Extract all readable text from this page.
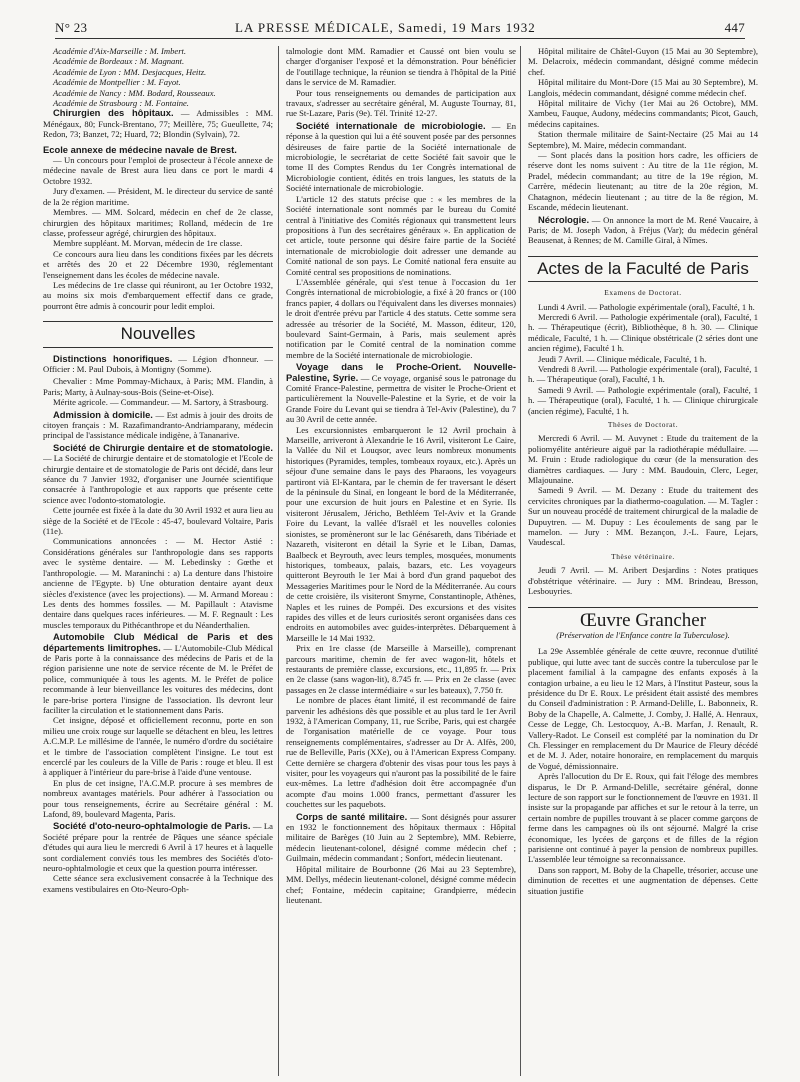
N° 23	LA PRESSE MÉDICALE, Samedi, 19 Mars 1932	447

Académie d'Aix-Marseille : M. Imbert.

Académie de Bordeaux : M. Magnant.

Académie de Lyon : MM. Desjacques, Heitz.

Académie de Montpellier : M. Fayot.

Académie de Nancy : MM. Bodard, Rousseaux.

Académie de Strasbourg : M. Fontaine.

Chirurgien des hôpitaux. — Admissibles : MM. Ménégaux, 80; Funck-Brentano, 77; Meillère, 75; Gueullette, 74; Redon, 73; Banzet, 72; Huard, 72; Blondin (Sylvain), 72.

Ecole annexe de médecine navale de Brest.

— Un concours pour l'emploi de prosecteur à l'école annexe de médecine navale de Brest aura lieu dans ce port le mardi 4 Octobre 1932.

Jury d'examen. — Président, M. le directeur du service de santé de la 2e région maritime.

Membres. — MM. Solcard, médecin en chef de 2e classe, chirurgien des hôpitaux maritimes; Rolland, médecin de 1re classe, professeur agrégé, chirurgien des hôpitaux.

Membre suppléant. M. Morvan, médecin de 1re classe.

Ce concours aura lieu dans les conditions fixées par les décrets et arrêtés des 20 et 22 Décembre 1930, réglementant l'enseignement dans les écoles de médecine navale.

Les médecins de 1re classe qui réuniront, au 1er Octobre 1932, au moins six mois d'embarquement effectif dans ce grade, pourront être admis à concourir pour ledit emploi.

Nouvelles

Distinctions honorifiques. — Légion d'honneur. — Officier : M. Paul Dubois, à Montigny (Somme).

Chevalier : Mme Pommay-Michaux, à Paris; MM. Flandin, à Paris; Marty, à Aulnay-sous-Bois (Seine-et-Oise).

Mérite agricole. — Commandeur. — M. Sartory, à Strasbourg.

Admission à domicile. — Est admis à jouir des droits de citoyen français : M. Razafimandranto-Andriamparany, médecin principal de l'assistance médicale indigène, à Tananarive.

Société de Chirurgie dentaire et de stomatologie. — La Société de chirurgie dentaire et de stomatologie et l'Ecole de chirurgie dentaire et de stomatologie de Paris ont décidé, dans leur séance du 7 Janvier 1932, d'organiser une Journée scientifique consacrée à l'anthropologie et aux rapports que présente cette science avec l'odonto-stomatologie.

Cette journée est fixée à la date du 30 Avril 1932 et aura lieu au siège de la Société et de l'Ecole : 45-47, boulevard Voltaire, Paris (11e).

Communications annoncées : — M. Hector Astié : Considérations générales sur l'anthropologie dans ses rapports avec le système dentaire. — M. Lebedinsky : Gœthe et l'anthropologie. — M. Maraninchi : a) La denture dans l'histoire ancienne de l'Egypte. b) Une obturation dentaire ayant deux siècles d'existence (avec les projections). — M. Armand Moreau : Les dents des hommes fossiles. — M. Papillault : Atavisme dentaire dans quelques races inférieures. — M. F. Regnault : Les muscles temporaux du Pithécanthrope et du Néanderthalien.

Automobile Club Médical de Paris et des départements limitrophes. — L'Automobile-Club Médical de Paris porte à la connaissance des médecins de Paris et de la région parisienne une note de service récente de M. le Préfet de police, communiquée à tous les agents. M. le Préfet de police recommande à leur bienveillance les voitures des médecins, dont le pare-brise portera l'insigne de l'association. Ils devront leur faciliter la circulation et le stationnement dans Paris.

Cet insigne, déposé et officiellement reconnu, porte en son milieu une croix rouge sur laquelle se détachent en bleu, les lettres A.C.M.P. Le millésime de l'année, le numéro d'ordre du sociétaire et le timbre de l'association complètent l'insigne. Le tout est encerclé par les couleurs de la Ville de Paris : rouge et bleu. Il est à appliquer à l'intérieur du pare-brise à l'aide d'une ventouse.

En plus de cet insigne, l'A.C.M.P. procure à ses membres de nombreux avantages matériels. Pour adhérer à l'association ou pour tous renseignements, écrire au Secrétaire général : M. Lafond, 89, boulevard Magenta, Paris.

Société d'oto-neuro-ophtalmologie de Paris. — La Société prépare pour la rentrée de Pâques une séance spéciale d'études qui aura lieu le mercredi 6 Avril à 17 heures et à laquelle sont cordialement conviés tous les membres des Sociétés d'oto-neuro-ophtalmologie et ceux que la question pourra intéresser.

Cette séance sera exclusivement consacrée à la Technique des examens vestibulaires en Oto-Neuro-Oph-

talmologie dont MM. Ramadier et Caussé ont bien voulu se charger d'organiser l'exposé et la démonstration. Pour bénéficier de l'outillage technique, la réunion se tiendra à l'hôpital de la Pitié dans le service de M. Ramadier.

Pour tous renseignements ou demandes de participation aux travaux, s'adresser au secrétaire général, M. Auguste Tournay, 81, rue St-Lazare, Paris (9e). Tél. Trinité 12-27.

Société internationale de microbiologie. — En réponse à la question qui lui a été souvent posée par des personnes désireuses de faire partie de la Société internationale de microbiologie, le secrétariat de cette Société fait savoir que le tome II des Comptes Rendus du 1er Congrès international de Microbiologie contient, édités en trois langues, les statuts de la Société internationale de microbiologie.

L'article 12 des statuts précise que : « les membres de la Société internationale sont nommés par le bureau du Comité central à l'initiative des Comités régionaux qui transmettent leurs propositions à l'un des secrétaires généraux ». En application de cet article, toute personne qui désire faire partie de la Société internationale de microbiologie doit adresser une demande au Comité national de son pays. Le Comité national fera ensuite au Comité central ses propositions de nominations.

L'Assemblée générale, qui s'est tenue à l'occasion du 1er Congrès international de microbiologie, a fixé à 20 francs or (100 francs papier, 4 dollars ou l'équivalent dans les diverses monnaies) le droit d'entrée prévu par l'article 4 des statuts. Cette somme sera adressée au trésorier de la Société, M. Masson, éditeur, 120, boulevard Saint-Germain, à Paris, mais seulement après notification par le Comité central de la nomination comme membre de la Société internationale de microbiologie.

Voyage dans le Proche-Orient. Nouvelle-Palestine, Syrie. — Ce voyage, organisé sous le patronage du Comité France-Palestine, permettra de visiter le Proche-Orient et particulièrement la Nouvelle-Palestine et la Syrie, et de voir la Grande Foire du Levant qui se tiendra à Tel-Aviv (Palestine), du 7 au 30 Avril de cette année.

Les excursionnistes embarqueront le 12 Avril prochain à Marseille, arriveront à Alexandrie le 16 Avril, visiteront Le Caire, la Vallée du Nil et Louqsor, avec leurs nombreux monuments historiques (Pyramides, temples, tombeaux royaux, etc.). Après un séjour d'une semaine dans le pays des Pharaons, les voyageurs partiront vià El-Kantara, par le chemin de fer traversant le désert de la péninsule du Sinaï, en longeant le bord de la Méditerranée, pour une excursion de huit jours en Palestine et en Syrie. Ils visiteront Jérusalem, Jéricho, Bethléem Tel-Aviv et la Grande Foire du Levant, la vallée d'Israël et les nouvelles colonies sionistes, se promèneront sur le lac Génésareth, dans Tibériade et Nazareth, visiteront en détail la Syrie et le Liban, Damas, Baalbeck et Beyrouth, avec leurs temples, mosquées, monuments historiques, tombeaux, palais, bazars, etc. Les voyageurs quitteront Beyrouth le 1er Mai à bord d'un grand paquebot des Messageries Maritimes pour le Nord de la Méditerranée. Au cours de cette croisière, ils visiteront Smyrne, Constantinople, Athènes, Naples et les ruines de Pompéi. Des excursions et des visites rapides des villes et de leurs curiosités seront organisées dans ces endroits en automobiles avec guides-interprètes. Débarquement à Marseille le 14 Mai 1932.

Prix en 1re classe (de Marseille à Marseille), comprenant parcours maritime, chemin de fer avec wagon-lit, hôtels et restaurants de première classe, excursions, etc., 11,895 fr. — Prix en 2e classe (sans wagon-lit), 8.745 fr. — Prix en 2e classe (avec passages en 2e classe intermédiaire « sur les bateaux), 7.750 fr.

Le nombre de places étant limité, il est recommandé de faire parvenir les adhésions dès que possible et au plus tard le 1er Avril 1932, à l'American Company, 11, rue Scribe, Paris, qui est chargée de l'organisation matérielle de ce voyage. Pour tous renseignements complémentaires, s'adresser au Dr A. Alfès, 200, rue de Belleville, Paris (XXe), ou à l'American Express Company. Cette dernière se chargera d'obtenir des visas pour tous les pays à visiter, pour les voyageurs qui n'auront pas la possibilité de le faire eux-mêmes. La lettre d'adhésion doit être accompagnée d'un acompte d'au moins 1.000 francs, permettant d'assurer les couchettes sur les paquebots.

Corps de santé militaire. — Sont désignés pour assurer en 1932 le fonctionnement des hôpitaux thermaux : Hôpital militaire de Barèges (10 Juin au 2 Septembre), MM. Rebierre, médecin lieutenant-colonel, désigné comme médecin chef ; Guilmain, médecin commandant ; Sonfort, médecin lieutenant.

Hôpital militaire de Bourbonne (26 Mai au 23 Septembre), MM. Dellys, médecin lieutenant-colonel, désigné comme médecin chef; Fontaine, médecin capitaine; Grandpierre, médecin lieutenant.

Hôpital militaire de Châtel-Guyon (15 Mai au 30 Septembre), M. Delacroix, médecin commandant, désigné comme médecin chef.

Hôpital militaire du Mont-Dore (15 Mai au 30 Septembre), M. Langlois, médecin commandant, désigné comme médecin chef.

Hôpital militaire de Vichy (1er Mai au 26 Octobre), MM. Xambeu, Fauque, Audony, médecins commandants; Picot, Gauch, médecins capitaines.

Station thermale militaire de Saint-Nectaire (25 Mai au 14 Septembre), M. Maire, médecin commandant.

— Sont placés dans la position hors cadre, les officiers de réserve dont les noms suivent : Au titre de la 11e région, M. Pradel, médecin commandant; au titre de la 19e région, M. Carrère, médecin lieutenant; au titre de la 20e région, M. Chatagnon, médecin lieutenant ; au titre de la 8e région, M. Escande, médecin lieutenant.

Nécrologie. — On annonce la mort de M. René Vaucaire, à Paris; de M. Joseph Vadon, à Fréjus (Var); du médecin général Beausenat, à Rennes; de M. Camille Giral, à Nîmes.

Actes de la Faculté de Paris

Examens de Doctorat.

Lundi 4 Avril. — Pathologie expérimentale (oral), Faculté, 1 h.

Mercredi 6 Avril. — Pathologie expérimentale (oral), Faculté, 1 h. — Thérapeutique (écrit), Bibliothèque, 8 h. 30. — Clinique médicale, Faculté, 1 h. — Clinique obstétricale (2 séries dont une ancien régime), Faculté 1 h.

Jeudi 7 Avril. — Clinique médicale, Faculté, 1 h.

Vendredi 8 Avril. — Pathologie expérimentale (oral), Faculté, 1 h. — Thérapeutique (oral), Faculté, 1 h.

Samedi 9 Avril. — Pathologie expérimentale (oral), Faculté, 1 h. — Thérapeutique (oral), Faculté, 1 h. — Clinique chirurgicale (ancien régime), Faculté, 1 h.

Thèses de Doctorat.

Mercredi 6 Avril. — M. Auvynet : Etude du traitement de la poliomyélite antérieure aiguë par la radiothérapie médullaire. — M. Fruin : Etude radiologique du cœur (de la mensuration des diamètres cardiaques. — Jury : MM. Baudouin, Clerc, Leger, Mlajounaine.

Samedi 9 Avril. — M. Dezany : Etude du traitement des cervicites chroniques par la diathermo-coagulation. — M. Tagler : Sur un nouveau procédé de traitement chirurgical de la maladie de Dupuytren. — M. Dupuy : Les écoulements de sang par le mamelon. — Jury : MM. Bezançon, J.-L. Faure, Lejars, Vaudescal.

Thèse vétérinaire.

Jeudi 7 Avril. — M. Aribert Desjardins : Notes pratiques d'obstétrique vétérinaire. — Jury : MM. Brindeau, Bresson, Lesbouyries.

Œuvre Grancher

(Préservation de l'Enfance contre la Tuberculose).

La 29e Assemblée générale de cette œuvre, reconnue d'utilité publique, qui lutte avec tant de succès contre la tuberculose par le placement familial à la campagne des enfants exposés à la contagion urbaine, a eu lieu le 12 Mars, à l'Institut Pasteur, sous la présidence du Dr E. Roux. Le président était assisté des membres du Conseil d'administration : P. Armand-Delille, L. Babonneix, R. Boby de la Chapelle, A. Calmette, J. Comby, J. Hallé, A. Henraux, Cesse de Legge, Ch. Lestocquoy, A.-B. Marfan, J. Renault, R. Vallery-Radot. Le Conseil est complété par la nomination du Dr Ch. Flessinger en remplacement du Dr Maurice de Fleury décédé et de M. J. Ader, notaire honoraire, en remplacement du marquis de Vogué, démissionnaire.

Après l'allocution du Dr E. Roux, qui fait l'éloge des membres disparus, le Dr P. Armand-Delille, secrétaire général, donne lecture de son rapport sur le fonctionnement de l'œuvre en 1931. Il insiste sur la propagande par affiches et sur le retour à la terre, un certain nombre de pupilles trouvant à se placer comme garçons de ferme dans les campagnes où ils ont séjourné. Malgré la crise économique, les lycées de garçons et de filles de la région parisienne ont continué à payer la pension de nombreux pupilles. L'assemblée leur témoigne sa reconnaissance.

Dans son rapport, M. Boby de la Chapelle, trésorier, accuse une diminution de recettes et une augmentation de dépenses. Cette situation justifie
